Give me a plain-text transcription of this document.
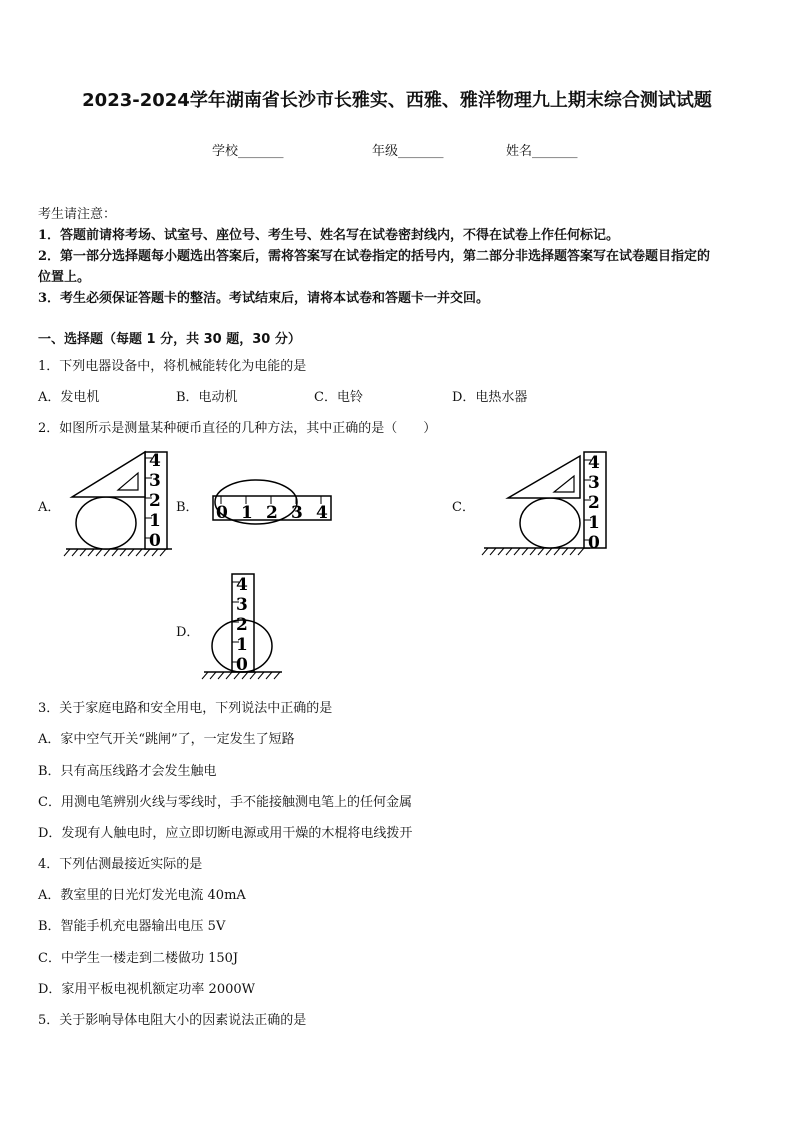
2023-2024学年湖南省长沙市长雅实、西雅、雅洋物理九上期末综合测试试题
学校_______	年级_______	姓名_______
考生请注意：
1．答题前请将考场、试室号、座位号、考生号、姓名写在试卷密封线内，不得在试卷上作任何标记。
2．第一部分选择题每小题选出答案后，需将答案写在试卷指定的括号内，第二部分非选择题答案写在试卷题目指定的
位置上。
3．考生必须保证答题卡的整洁。考试结束后，请将本试卷和答题卡一并交回。
一、选择题（每题 1 分，共 30 题，30 分）
1．下列电器设备中，将机械能转化为电能的是
A．发电机	B．电动机	C．电铃	D．电热水器
2．如图所示是测量某种硬币直径的几种方法，其中正确的是（　　）
A．	B．	C．
D．
0
1
2
3
4
0 1 2 3 4
0
1
2
3
4
0
1
2
3
4
3．关于家庭电路和安全用电，下列说法中正确的是
A．家中空气开关“跳闸”了，一定发生了短路
B．只有高压线路才会发生触电
C．用测电笔辨别火线与零线时，手不能接触测电笔上的任何金属
D．发现有人触电时，应立即切断电源或用干燥的木棍将电线拨开
4．下列估测最接近实际的是
A．教室里的日光灯发光电流 40mA
B．智能手机充电器输出电压 5V
C．中学生一楼走到二楼做功 150J
D．家用平板电视机额定功率 2000W
5．关于影响导体电阻大小的因素说法正确的是
